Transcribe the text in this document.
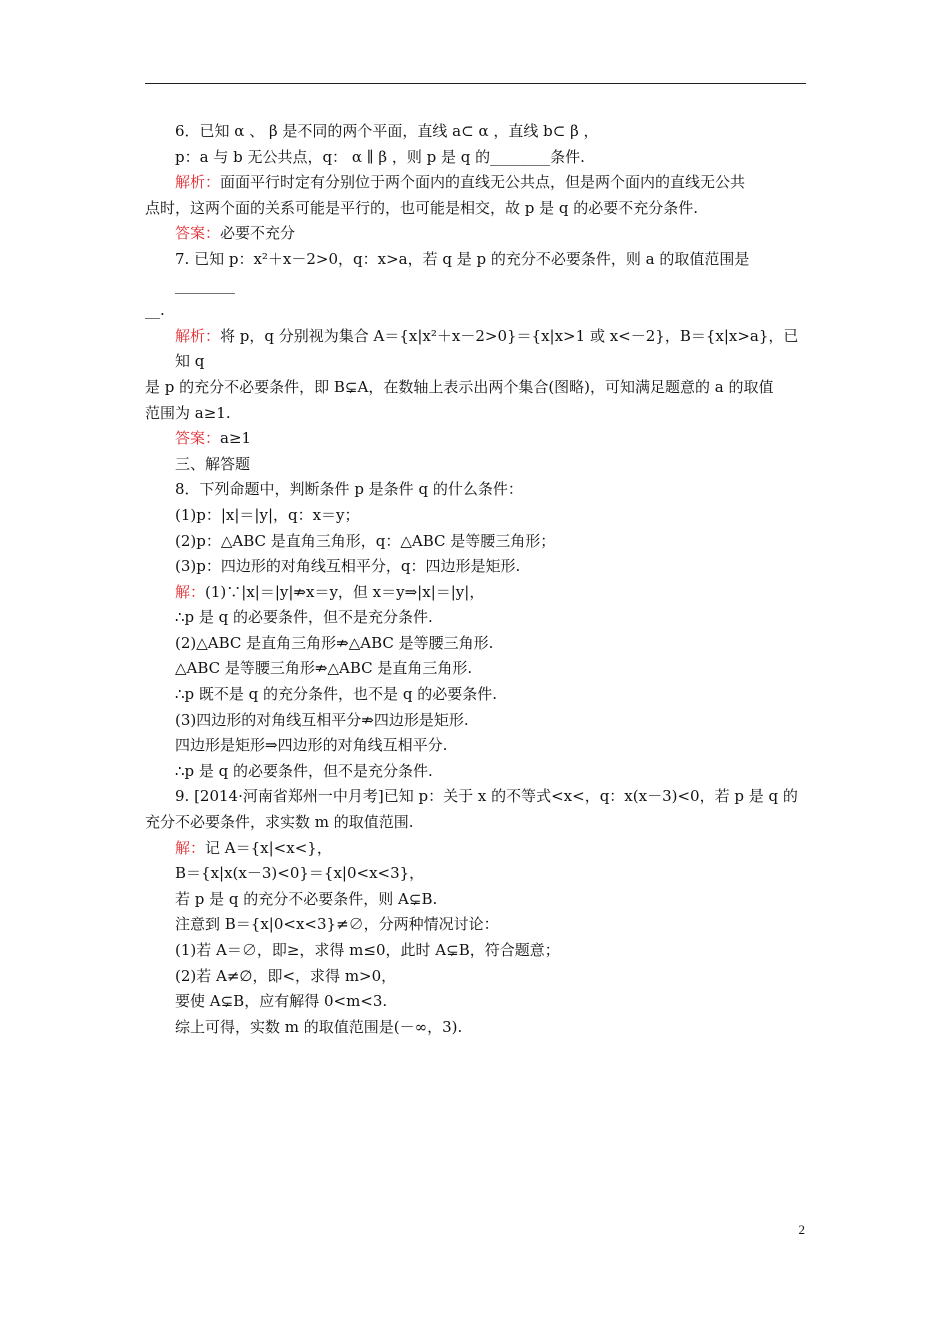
6．已知 α 、 β 是不同的两个平面，直线 a⊂ α ，直线 b⊂ β ，

p：a 与 b 无公共点，q： α ∥ β ，则 p 是 q 的________条件.

解析：面面平行时定有分别位于两个面内的直线无公共点，但是两个面内的直线无公共

点时，这两个面的关系可能是平行的，也可能是相交，故 p 是 q 的必要不充分条件.

答案：必要不充分

7. 已知 p：x²＋x－2>0，q：x>a，若 q 是 p 的充分不必要条件，则 a 的取值范围是________

__.

解析：将 p，q 分别视为集合 A＝{x|x²＋x－2>0}＝{x|x>1 或 x<－2}，B＝{x|x>a}，已知 q

是 p 的充分不必要条件，即 B⊊A，在数轴上表示出两个集合(图略)，可知满足题意的 a 的取值

范围为 a≥1.

答案：a≥1

三、解答题

8．下列命题中，判断条件 p 是条件 q 的什么条件：

(1)p：|x|＝|y|，q：x＝y；

(2)p：△ABC 是直角三角形，q：△ABC 是等腰三角形；

(3)p：四边形的对角线互相平分，q：四边形是矩形.

解：(1)∵|x|＝|y|⇏x＝y，但 x＝y⇒|x|＝|y|，

∴p 是 q 的必要条件，但不是充分条件.

(2)△ABC 是直角三角形⇏△ABC 是等腰三角形.

△ABC 是等腰三角形⇏△ABC 是直角三角形.

∴p 既不是 q 的充分条件，也不是 q 的必要条件.

(3)四边形的对角线互相平分⇏四边形是矩形.

四边形是矩形⇒四边形的对角线互相平分.

∴p 是 q 的必要条件，但不是充分条件.

9. [2014·河南省郑州一中月考]已知 p：关于 x 的不等式<x<，q：x(x－3)<0，若 p 是 q 的

充分不必要条件，求实数 m 的取值范围.

解：记 A＝{x|<x<}，

B＝{x|x(x－3)<0}＝{x|0<x<3}，

若 p 是 q 的充分不必要条件，则 A⊊B.

注意到 B＝{x|0<x<3}≠∅，分两种情况讨论：

(1)若 A＝∅，即≥，求得 m≤0，此时 A⊊B，符合题意；

(2)若 A≠∅，即<，求得 m>0，

要使 A⊊B，应有解得 0<m<3.

综上可得，实数 m 的取值范围是(－∞，3).

2
